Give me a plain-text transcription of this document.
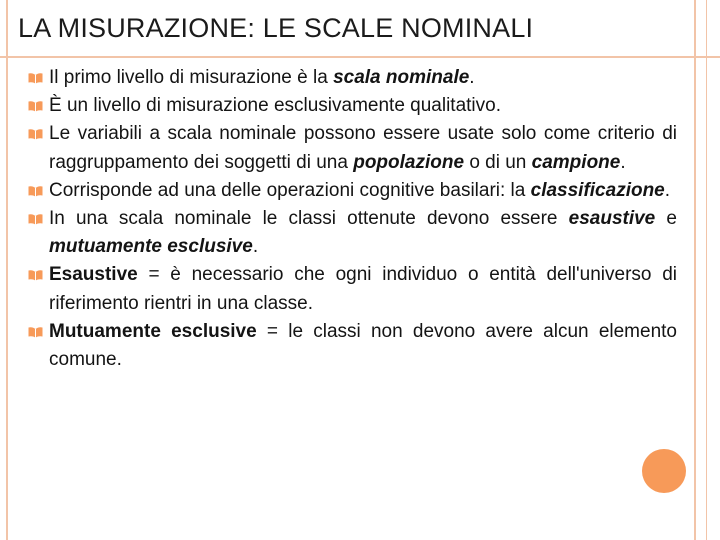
LA MISURAZIONE: LE SCALE NOMINALI
Il primo livello di misurazione è la scala nominale.
È un livello di misurazione esclusivamente qualitativo.
Le variabili a scala nominale possono essere usate solo come criterio di raggruppamento dei soggetti di una popolazione o di un campione.
Corrisponde ad una delle operazioni cognitive basilari: la classificazione.
In una scala nominale le classi ottenute devono essere esaustive e mutuamente esclusive.
Esaustive = è necessario che ogni individuo o entità dell'universo di riferimento rientri in una classe.
Mutuamente esclusive = le classi non devono avere alcun elemento comune.
